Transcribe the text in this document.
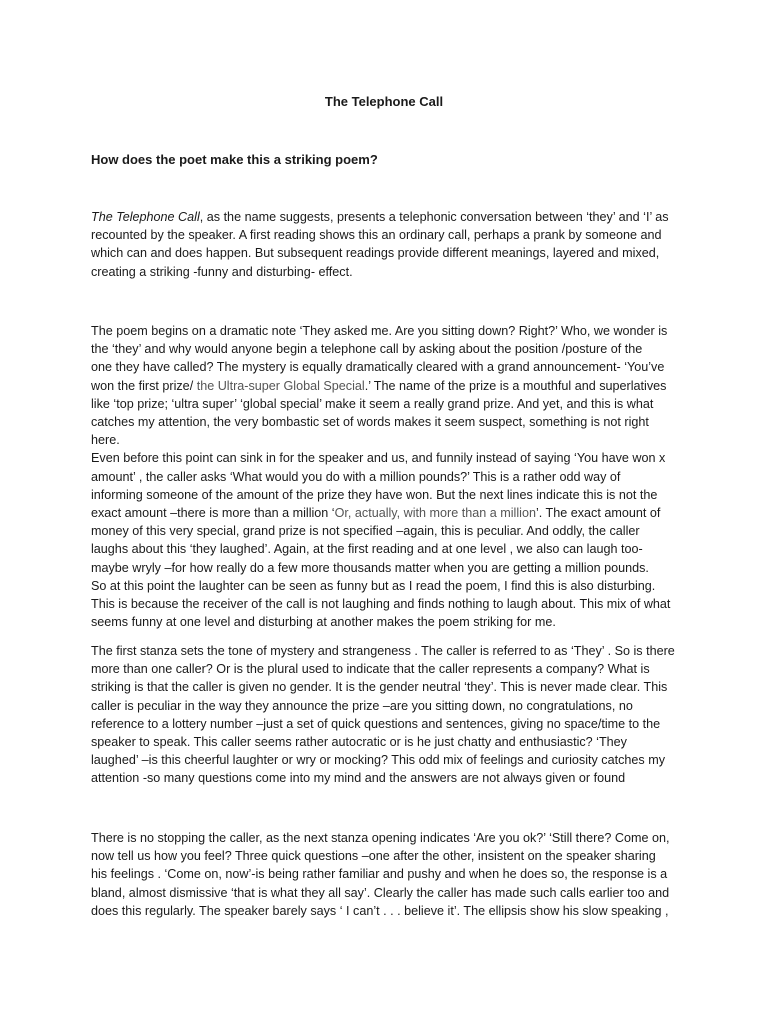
The Telephone Call
How does the poet make this a striking poem?
The Telephone Call, as the name suggests, presents a telephonic conversation between ‘they’ and ‘I’ as
recounted by the speaker. A first reading shows this an ordinary call, perhaps a prank by someone and
which can and does happen. But subsequent readings provide different meanings, layered and mixed,
creating a striking -funny and disturbing- effect.
The poem begins on a dramatic note ‘They asked me. Are you sitting down? Right?’ Who, we wonder is
the ‘they’ and why would anyone begin a telephone call by asking about the position /posture of the
one they have called? The mystery is equally dramatically cleared with a grand announcement- ‘You’ve
won the first prize/ the Ultra-super Global Special.’ The name of the prize is a mouthful and superlatives
like ‘top prize; ‘ultra super’ ‘global special’ make it seem a really grand prize. And yet, and this is what
catches my attention, the very bombastic set of words makes it seem suspect, something is not right
here.
Even before this point can sink in for the speaker and us, and funnily instead of saying ‘You have won x
amount’ , the caller asks ‘What would you do with a million pounds?’ This is a rather odd way of
informing someone of the amount of the prize they have won. But the next lines indicate this is not the
exact amount –there is more than a million ‘Or, actually, with more than a million’. The exact amount of
money of this very special, grand prize is not specified –again, this is peculiar. And oddly, the caller
laughs about this ‘they laughed’. Again, at the first reading and at one level , we also can laugh too-
maybe wryly –for how really do a few more thousands matter when you are getting a million pounds.
So at this point the laughter can be seen as funny but as I read the poem, I find this is also disturbing.
This is because the receiver of the call is not laughing and finds nothing to laugh about. This mix of what
seems funny at one level and disturbing at another makes the poem striking for me.
The first stanza sets the tone of mystery and strangeness . The caller is referred to as ‘They’ . So is there
more than one caller? Or is the plural used to indicate that the caller represents a company? What is
striking is that the caller is given no gender. It is the gender neutral ‘they’. This is never made clear. This
caller is peculiar in the way they announce the prize –are you sitting down, no congratulations, no
reference to a lottery number –just a set of quick questions and sentences, giving no space/time to the
speaker to speak. This caller seems rather autocratic or is he just chatty and enthusiastic? ‘They
laughed’ –is this cheerful laughter or wry or mocking? This odd mix of feelings and curiosity catches my
attention -so many questions come into my mind and the answers are not always given or found
There is no stopping the caller, as the next stanza opening indicates ‘Are you ok?’ ‘Still there? Come on,
now tell us how you feel? Three quick questions –one after the other, insistent on the speaker sharing
his feelings . ‘Come on, now’-is being rather familiar and pushy and when he does so, the response is a
bland, almost dismissive ‘that is what they all say’. Clearly the caller has made such calls earlier too and
does this regularly. The speaker barely says ‘ I can’t . . . believe it’. The ellipsis show his slow speaking ,
